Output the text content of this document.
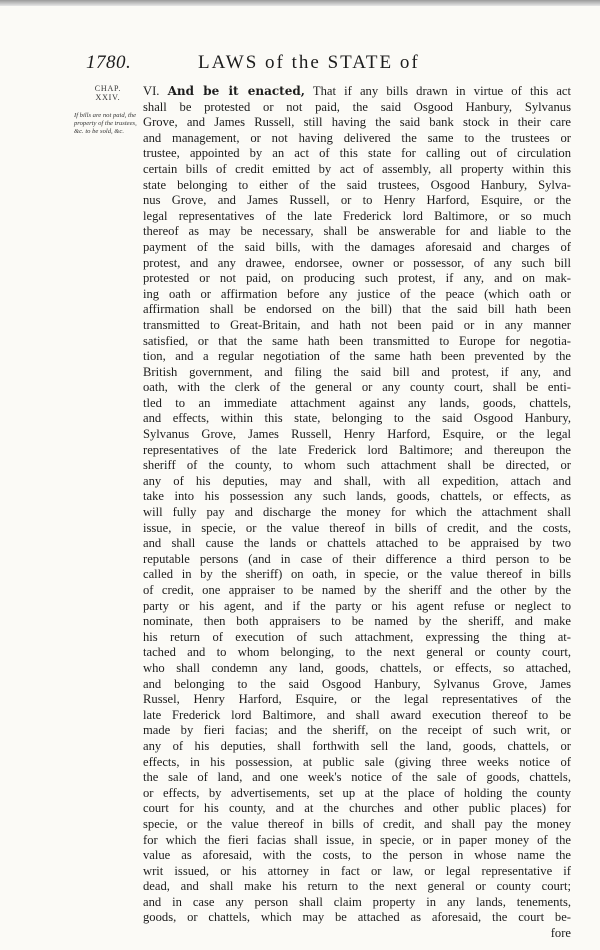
1780.	LAWS of the STATE of
CHAP.
XXIV.
If bills are not paid, the property of the trustees, &c. to be sold, &c.
VI. And be it enacted, That if any bills drawn in virtue of this act
shall be protested or not paid, the said Osgood Hanbury, Sylvanus
Grove, and James Russell, still having the said bank stock in their care
and management, or not having delivered the same to the trustees or
trustee, appointed by an act of this state for calling out of circulation
certain bills of credit emitted by act of assembly, all property within this
state belonging to either of the said trustees, Osgood Hanbury, Sylva-
nus Grove, and James Russell, or to Henry Harford, Esquire, or the
legal representatives of the late Frederick lord Baltimore, or so much
thereof as may be necessary, shall be answerable for and liable to the
payment of the said bills, with the damages aforesaid and charges of
protest, and any drawee, endorsee, owner or possessor, of any such bill
protested or not paid, on producing such protest, if any, and on mak-
ing oath or affirmation before any justice of the peace (which oath or
affirmation shall be endorsed on the bill) that the said bill hath been
transmitted to Great-Britain, and hath not been paid or in any manner
satisfied, or that the same hath been transmitted to Europe for negotia-
tion, and a regular negotiation of the same hath been prevented by the
British government, and filing the said bill and protest, if any, and
oath, with the clerk of the general or any county court, shall be enti-
tled to an immediate attachment against any lands, goods, chattels,
and effects, within this state, belonging to the said Osgood Hanbury,
Sylvanus Grove, James Russell, Henry Harford, Esquire, or the legal
representatives of the late Frederick lord Baltimore; and thereupon the
sheriff of the county, to whom such attachment shall be directed, or
any of his deputies, may and shall, with all expedition, attach and
take into his possession any such lands, goods, chattels, or effects, as
will fully pay and discharge the money for which the attachment shall
issue, in specie, or the value thereof in bills of credit, and the costs,
and shall cause the lands or chattels attached to be appraised by two
reputable persons (and in case of their difference a third person to be
called in by the sheriff) on oath, in specie, or the value thereof in bills
of credit, one appraiser to be named by the sheriff and the other by the
party or his agent, and if the party or his agent refuse or neglect to
nominate, then both appraisers to be named by the sheriff, and make
his return of execution of such attachment, expressing the thing at-
tached and to whom belonging, to the next general or county court,
who shall condemn any land, goods, chattels, or effects, so attached,
and belonging to the said Osgood Hanbury, Sylvanus Grove, James
Russel, Henry Harford, Esquire, or the legal representatives of the
late Frederick lord Baltimore, and shall award execution thereof to be
made by fieri facias; and the sheriff, on the receipt of such writ, or
any of his deputies, shall forthwith sell the land, goods, chattels, or
effects, in his possession, at public sale (giving three weeks notice of
the sale of land, and one week's notice of the sale of goods, chattels,
or effects, by advertisements, set up at the place of holding the county
court for his county, and at the churches and other public places) for
specie, or the value thereof in bills of credit, and shall pay the money
for which the fieri facias shall issue, in specie, or in paper money of the
value as aforesaid, with the costs, to the person in whose name the
writ issued, or his attorney in fact or law, or legal representative if
dead, and shall make his return to the next general or county court;
and in case any person shall claim property in any lands, tenements,
goods, or chattels, which may be attached as aforesaid, the court be-
fore
